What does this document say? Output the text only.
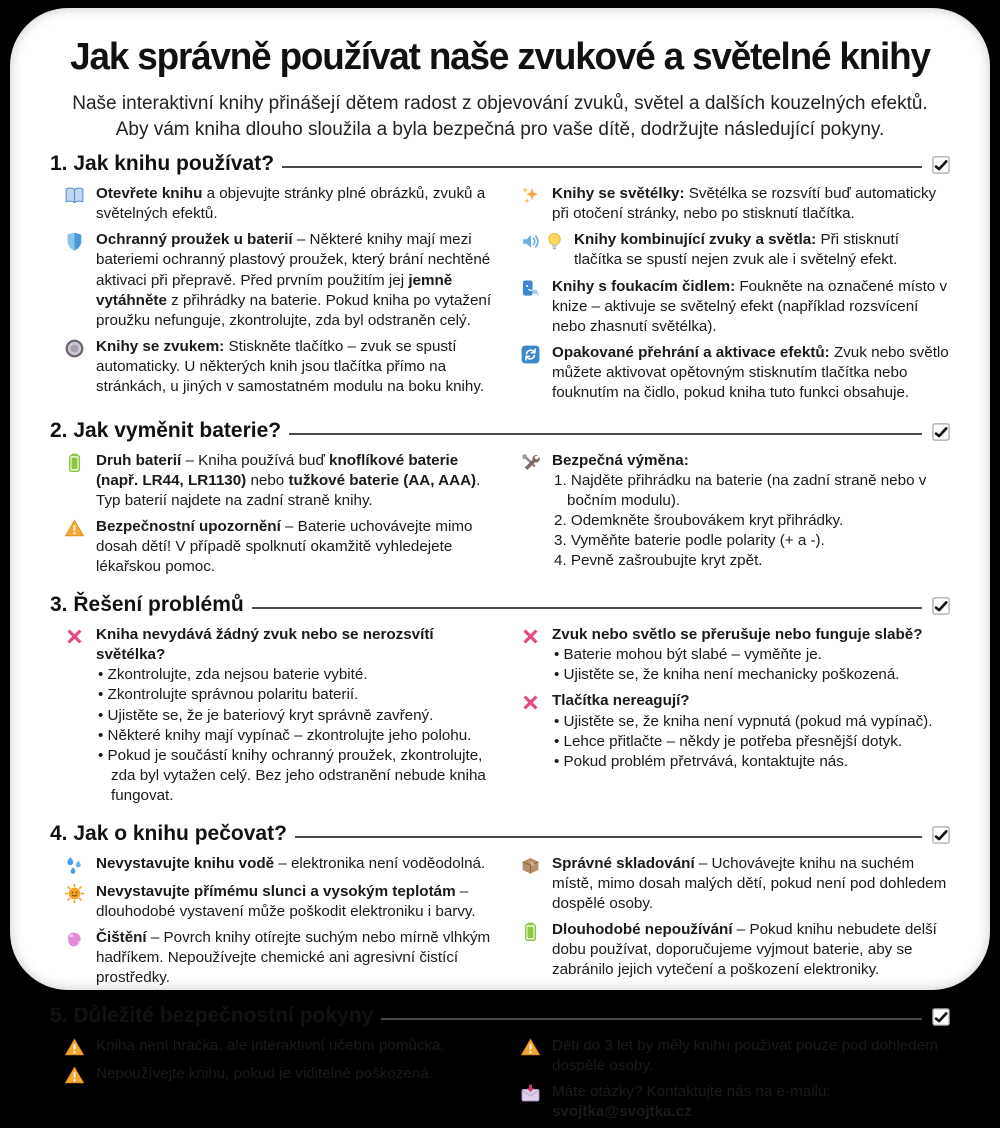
Jak správně používat naše zvukové a světelné knihy
Naše interaktivní knihy přinášejí dětem radost z objevování zvuků, světel a dalších kouzelných efektů.
Aby vám kniha dlouho sloužila a byla bezpečná pro vaše dítě, dodržujte následující pokyny.
1. Jak knihu používat?
Otevřete knihu a objevujte stránky plné obrázků, zvuků a světelných efektů.
Ochranný proužek u baterií – Některé knihy mají mezi bateriemi ochranný plastový proužek, který brání nechtěné aktivaci při přepravě. Před prvním použitím jej jemně vytáhněte z přihrádky na baterie. Pokud kniha po vytažení proužku nefunguje, zkontrolujte, zda byl odstraněn celý.
Knihy se zvukem: Stiskněte tlačítko – zvuk se spustí automaticky. U některých knih jsou tlačítka přímo na stránkách, u jiných v samostatném modulu na boku knihy.
Knihy se světélky: Světélka se rozsvítí buď automaticky při otočení stránky, nebo po stisknutí tlačítka.
Knihy kombinující zvuky a světla: Při stisknutí tlačítka se spustí nejen zvuk ale i světelný efekt.
Knihy s foukacím čidlem: Foukněte na označené místo v knize – aktivuje se světelný efekt (například rozsvícení nebo zhasnutí světélka).
Opakované přehrání a aktivace efektů: Zvuk nebo světlo můžete aktivovat opětovným stisknutím tlačítka nebo fouknutím na čidlo, pokud kniha tuto funkci obsahuje.
2. Jak vyměnit baterie?
Druh baterií – Kniha používá buď knoflíkové baterie (např. LR44, LR1130) nebo tužkové baterie (AA, AAA). Typ baterií najdete na zadní straně knihy.
Bezpečnostní upozornění – Baterie uchovávejte mimo dosah dětí! V případě spolknutí okamžitě vyhledejete lékařskou pomoc.
Bezpečná výměna:
1. Najděte přihrádku na baterie (na zadní straně nebo v bočním modulu).
2. Odemkněte šroubovákem kryt přihrádky.
3. Vyměňte baterie podle polarity (+ a -).
4. Pevně zašroubujte kryt zpět.
3. Řešení problémů
Kniha nevydává žádný zvuk nebo se nerozsvítí světélka?
• Zkontrolujte, zda nejsou baterie vybité.
• Zkontrolujte správnou polaritu baterií.
• Ujistěte se, že je bateriový kryt správně zavřený.
• Některé knihy mají vypínač – zkontrolujte jeho polohu.
• Pokud je součástí knihy ochranný proužek, zkontrolujte, zda byl vytažen celý. Bez jeho odstranění nebude kniha fungovat.
Zvuk nebo světlo se přerušuje nebo funguje slabě?
• Baterie mohou být slabé – vyměňte je.
• Ujistěte se, že kniha není mechanicky poškozená.
Tlačítka nereagují?
• Ujistěte se, že kniha není vypnutá (pokud má vypínač).
• Lehce přitlačte – někdy je potřeba přesnější dotyk.
• Pokud problém přetrvává, kontaktujte nás.
4. Jak o knihu pečovat?
Nevystavujte knihu vodě – elektronika není voděodolná.
Nevystavujte přímému slunci a vysokým teplotám – dlouhodobé vystavení může poškodit elektroniku i barvy.
Čištění – Povrch knihy otírejte suchým nebo mírně vlhkým hadříkem. Nepoužívejte chemické ani agresivní čistící prostředky.
Správné skladování – Uchovávejte knihu na suchém místě, mimo dosah malých dětí, pokud není pod dohledem dospělé osoby.
Dlouhodobé nepoužívání – Pokud knihu nebudete delší dobu používat, doporučujeme vyjmout baterie, aby se zabránilo jejich vytečení a poškození elektroniky.
5. Důležité bezpečnostní pokyny
Kniha není hračka, ale interaktivní učební pomůcka.
Nepoužívejte knihu, pokud je viditelně poškozená.
Děti do 3 let by měly knihu používat pouze pod dohledem dospělé osoby.
Máte otázky? Kontaktujte nás na e-mailu: svojtka@svojtka.cz
